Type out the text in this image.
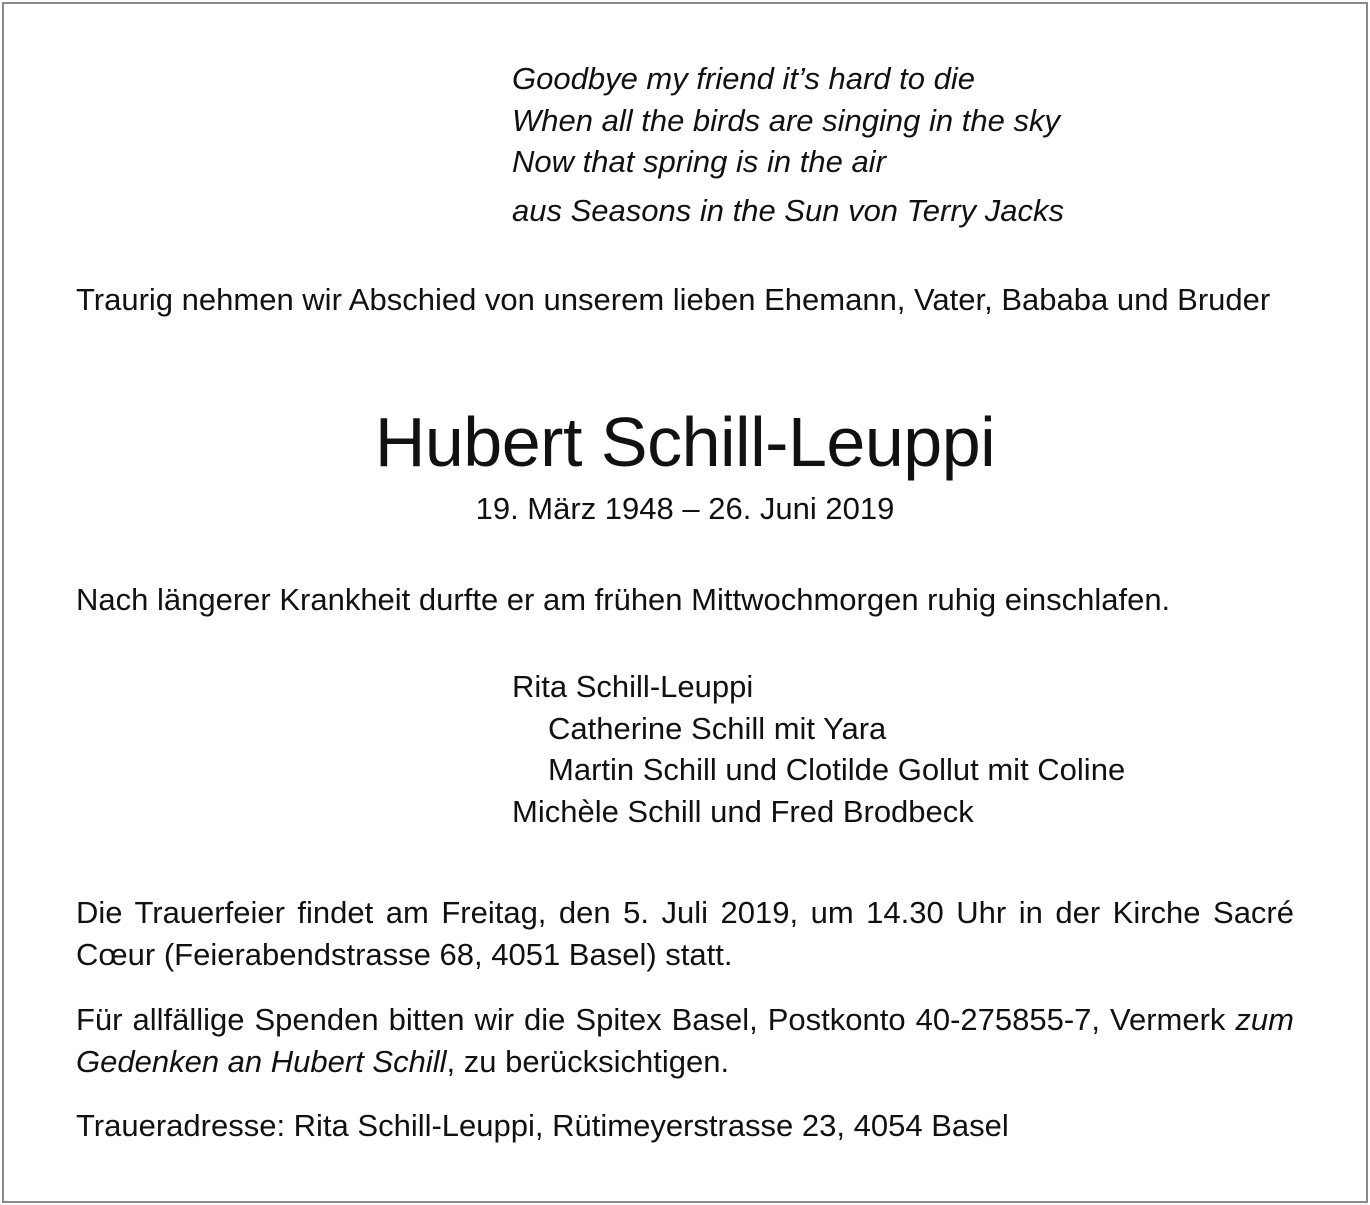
Goodbye my friend it’s hard to die
When all the birds are singing in the sky
Now that spring is in the air
aus Seasons in the Sun von Terry Jacks
Traurig nehmen wir Abschied von unserem lieben Ehemann, Vater, Bababa und Bruder
Hubert Schill-Leuppi
19. März 1948 – 26. Juni 2019
Nach längerer Krankheit durfte er am frühen Mittwochmorgen ruhig einschlafen.
Rita Schill-Leuppi
Catherine Schill mit Yara
Martin Schill und Clotilde Gollut mit Coline
Michèle Schill und Fred Brodbeck
Die Trauerfeier findet am Freitag, den 5. Juli 2019, um 14.30 Uhr in der Kirche Sacré Cœur (Feierabendstrasse 68, 4051 Basel) statt.
Für allfällige Spenden bitten wir die Spitex Basel, Postkonto 40-275855-7, Vermerk zum Gedenken an Hubert Schill, zu berücksichtigen.
Traueradresse: Rita Schill-Leuppi, Rütimeyerstrasse 23, 4054 Basel
